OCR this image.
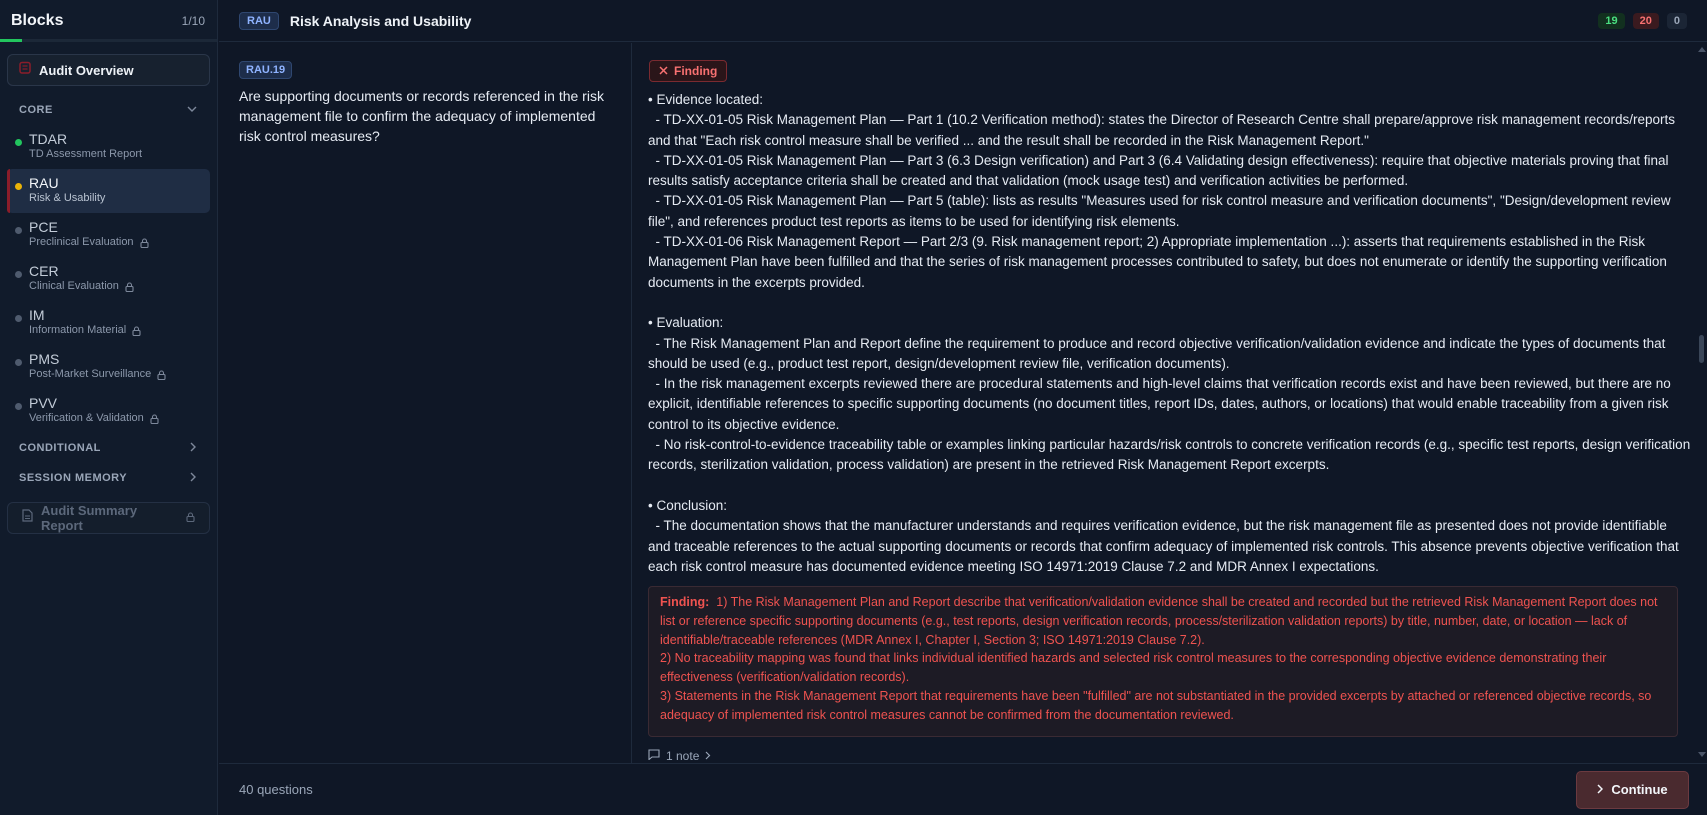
Blocks	1/10
Audit Overview
CORE
TDAR
TD Assessment Report
RAU
Risk & Usability
PCE
Preclinical Evaluation
CER
Clinical Evaluation
IM
Information Material
PMS
Post-Market Surveillance
PVV
Verification & Validation
CONDITIONAL
SESSION MEMORY
Audit Summary Report
RAU	Risk Analysis and Usability	19	20	0
RAU.19
Are supporting documents or records referenced in the risk management file to confirm the adequacy of implemented risk control measures?
Finding

• Evidence located:
- TD-XX-01-05 Risk Management Plan — Part 1 (10.2 Verification method): states the Director of Research Centre shall prepare/approve risk management records/reports and that "Each risk control measure shall be verified ... and the result shall be recorded in the Risk Management Report."
- TD-XX-01-05 Risk Management Plan — Part 3 (6.3 Design verification) and Part 3 (6.4 Validating design effectiveness): require that objective materials proving that final results satisfy acceptance criteria shall be created and that validation (mock usage test) and verification activities be performed.
- TD-XX-01-05 Risk Management Plan — Part 5 (table): lists as results "Measures used for risk control measure and verification documents", "Design/development review file", and references product test reports as items to be used for identifying risk elements.
- TD-XX-01-06 Risk Management Report — Part 2/3 (9. Risk management report; 2) Appropriate implementation ...): asserts that requirements established in the Risk Management Plan have been fulfilled and that the series of risk management processes contributed to safety, but does not enumerate or identify the supporting verification documents in the excerpts provided.

• Evaluation:
- The Risk Management Plan and Report define the requirement to produce and record objective verification/validation evidence and indicate the types of documents that should be used (e.g., product test report, design/development review file, verification documents).
- In the risk management excerpts reviewed there are procedural statements and high-level claims that verification records exist and have been reviewed, but there are no explicit, identifiable references to specific supporting documents (no document titles, report IDs, dates, authors, or locations) that would enable traceability from a given risk control to its objective evidence.
- No risk-control-to-evidence traceability table or examples linking particular hazards/risk controls to concrete verification records (e.g., specific test reports, design verification records, sterilization validation, process validation) are present in the retrieved Risk Management Report excerpts.

• Conclusion:
- The documentation shows that the manufacturer understands and requires verification evidence, but the risk management file as presented does not provide identifiable and traceable references to the actual supporting documents or records that confirm adequacy of implemented risk controls. This absence prevents objective verification that each risk control measure has documented evidence meeting ISO 14971:2019 Clause 7.2 and MDR Annex I expectations.

Finding: 1) The Risk Management Plan and Report describe that verification/validation evidence shall be created and recorded but the retrieved Risk Management Report does not list or reference specific supporting documents (e.g., test reports, design verification records, process/sterilization validation reports) by title, number, date, or location — lack of identifiable/traceable references (MDR Annex I, Chapter I, Section 3; ISO 14971:2019 Clause 7.2).
2) No traceability mapping was found that links individual identified hazards and selected risk control measures to the corresponding objective evidence demonstrating their effectiveness (verification/validation records).
3) Statements in the Risk Management Report that requirements have been "fulfilled" are not substantiated in the provided excerpts by attached or referenced objective records, so adequacy of implemented risk control measures cannot be confirmed from the documentation reviewed.
1 note
40 questions	Continue
